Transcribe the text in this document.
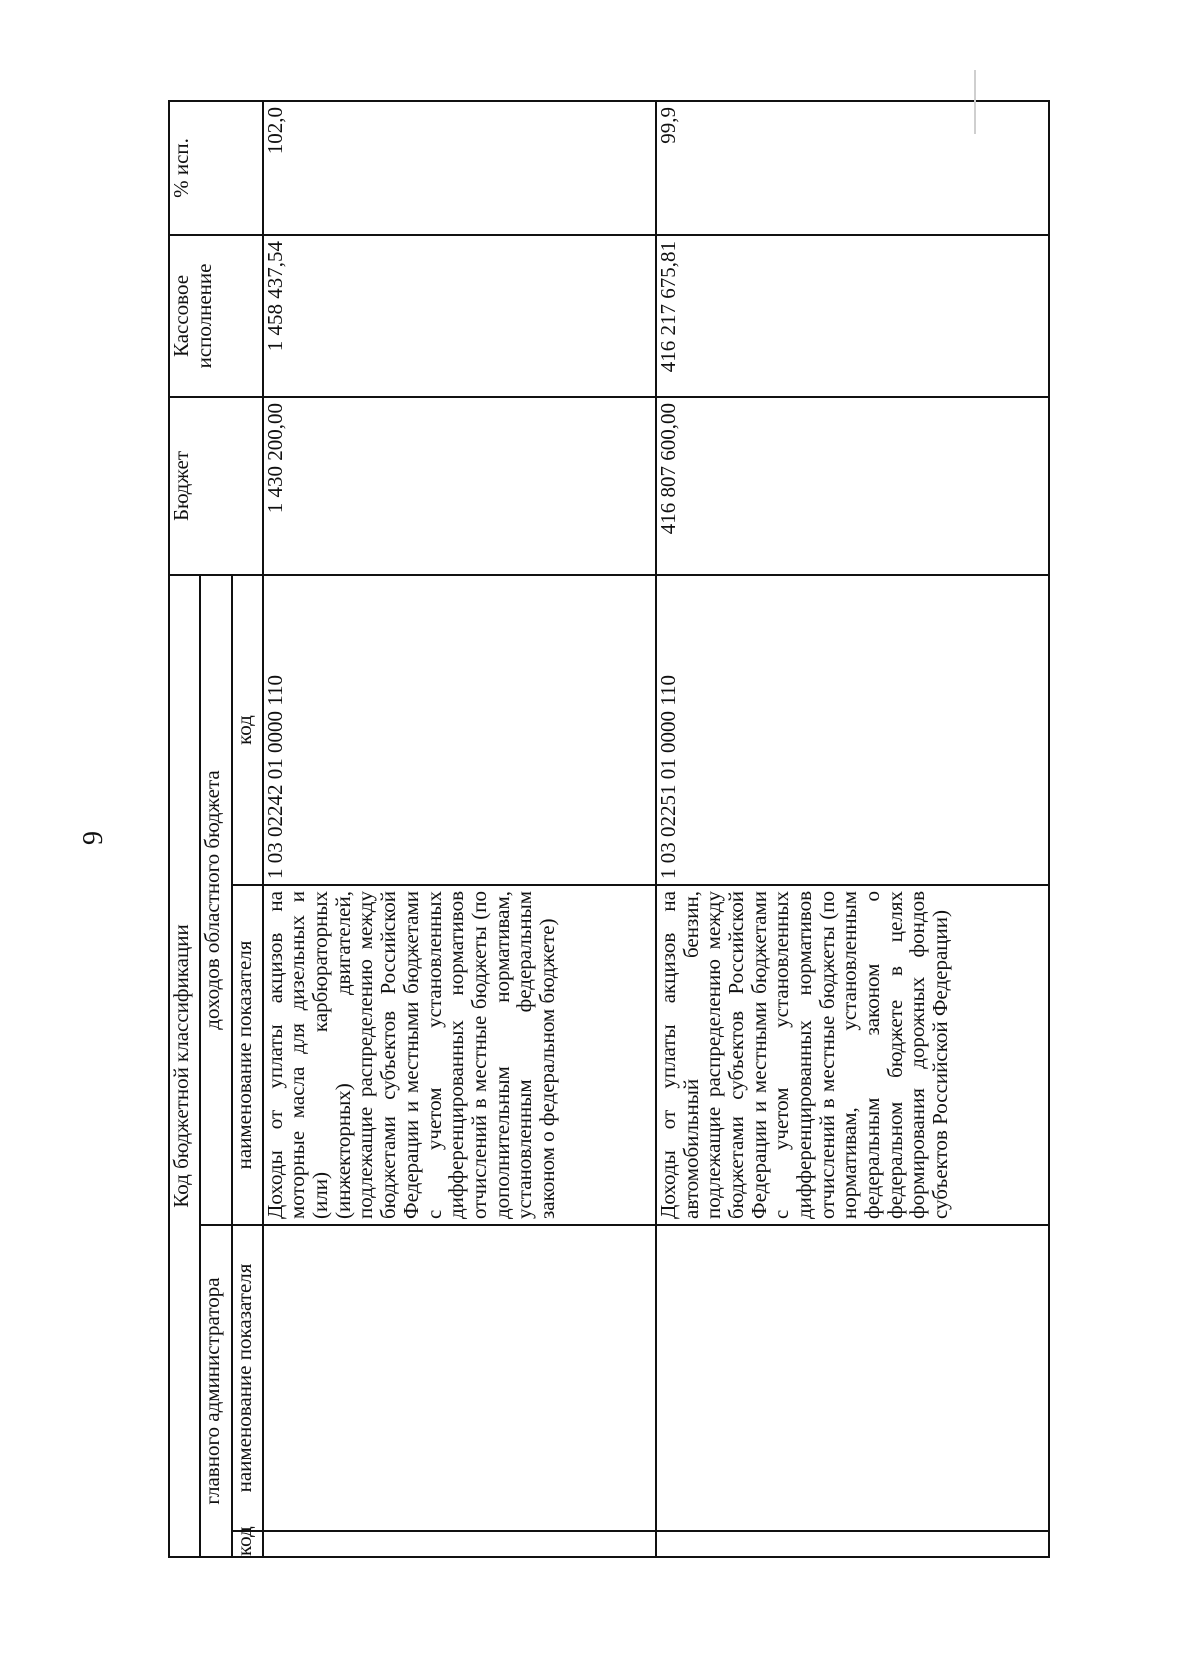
9
Код бюджетной классификации				Бюджет	Кассовое исполнение	% исп.
главного администратора		доходов областного бюджета				
код	наименование показателя	наименование показателя	код			
		Доходы от уплаты акцизов на моторные масла для дизельных и (или) карбюраторных (инжекторных) двигателей, подлежащие распределению между бюджетами субъектов Российской Федерации и местными бюджетами с учетом установленных дифференцированных нормативов отчислений в местные бюджеты (по дополнительным нормативам, установленным федеральным законом о федеральном бюджете)	1 03 02242 01 0000 110	1 430 200,00	1 458 437,54	102,0
		Доходы от уплаты акцизов на автомобильный бензин, подлежащие распределению между бюджетами субъектов Российской Федерации и местными бюджетами с учетом установленных дифференцированных нормативов отчислений в местные бюджеты (по нормативам, установленным федеральным законом о федеральном бюджете в целях формирования дорожных фондов субъектов Российской Федерации)	1 03 02251 01 0000 110	416 807 600,00	416 217 675,81	99,9
